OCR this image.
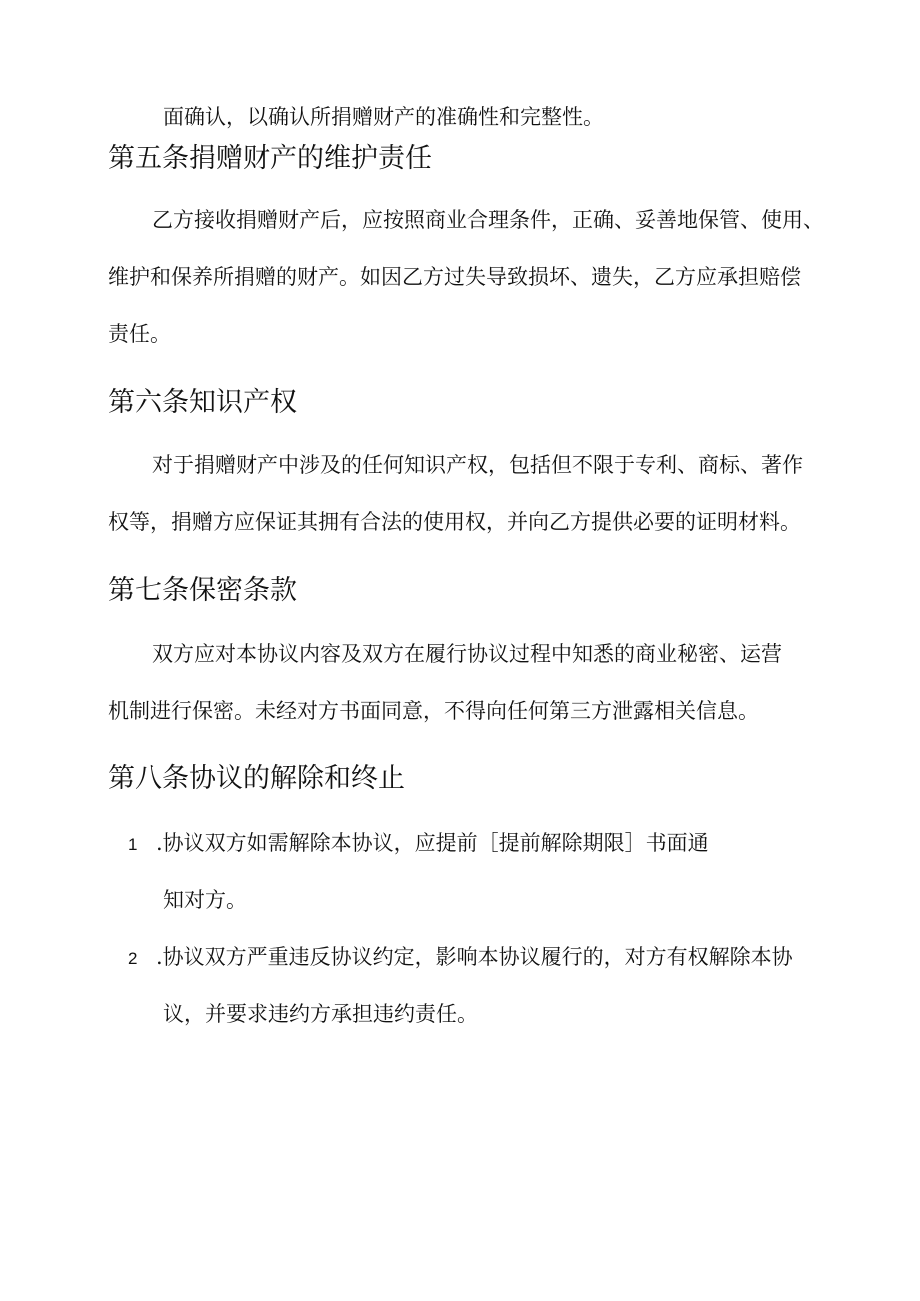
面确认，以确认所捐赠财产的准确性和完整性。
第五条捐赠财产的维护责任
乙方接收捐赠财产后，应按照商业合理条件，正确、妥善地保管、使用、
维护和保养所捐赠的财产。如因乙方过失导致损坏、遗失，乙方应承担赔偿
责任。
第六条知识产权
对于捐赠财产中涉及的任何知识产权，包括但不限于专利、商标、著作
权等，捐赠方应保证其拥有合法的使用权，并向乙方提供必要的证明材料。
第七条保密条款
双方应对本协议内容及双方在履行协议过程中知悉的商业秘密、运营
机制进行保密。未经对方书面同意，不得向任何第三方泄露相关信息。
第八条协议的解除和终止
1 .协议双方如需解除本协议，应提前［提前解除期限］书面通
知对方。
2 .协议双方严重违反协议约定，影响本协议履行的，对方有权解除本协
议，并要求违约方承担违约责任。
